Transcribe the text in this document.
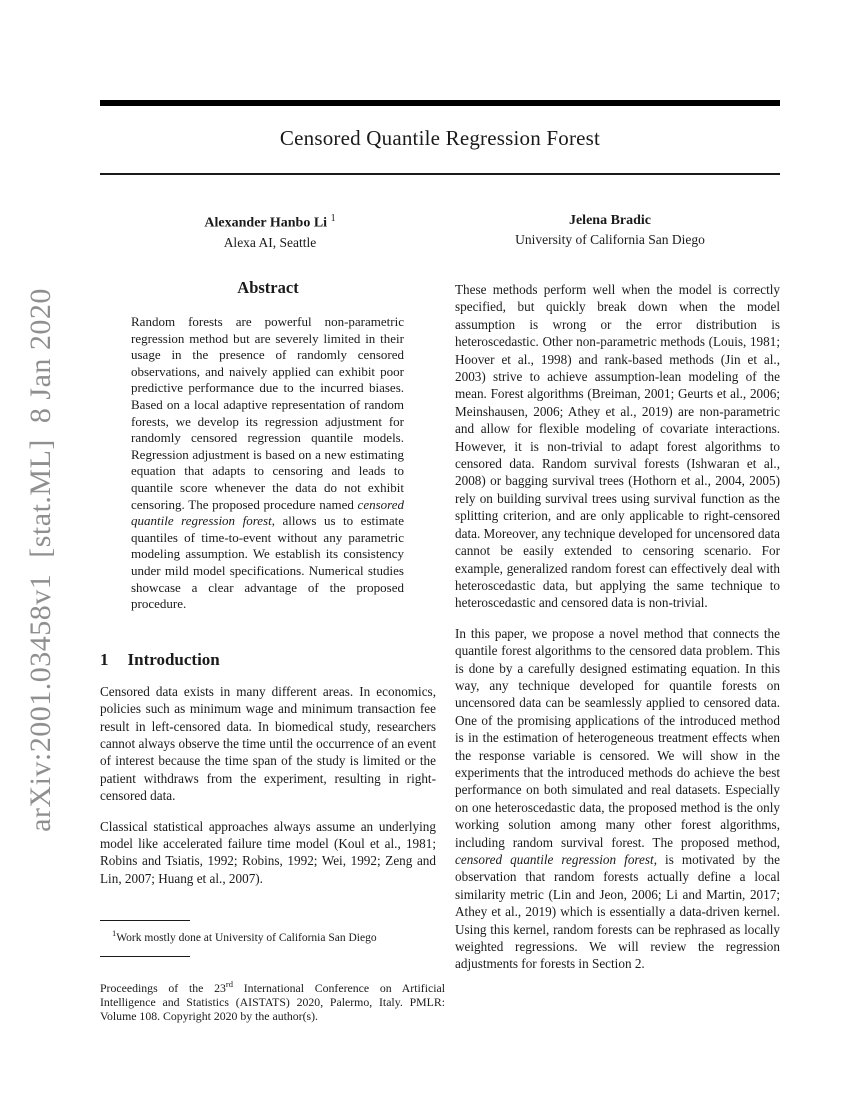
arXiv:2001.03458v1  [stat.ML]  8 Jan 2020
Censored Quantile Regression Forest
Alexander Hanbo Li $^1$
Alexa AI, Seattle
Jelena Bradic
University of California San Diego
Abstract
Random forests are powerful non-parametric regression method but are severely limited in their usage in the presence of randomly censored observations, and naively applied can exhibit poor predictive performance due to the incurred biases. Based on a local adaptive representation of random forests, we develop its regression adjustment for randomly censored regression quantile models. Regression adjustment is based on a new estimating equation that adapts to censoring and leads to quantile score whenever the data do not exhibit censoring. The proposed procedure named censored quantile regression forest, allows us to estimate quantiles of time-to-event without any parametric modeling assumption. We establish its consistency under mild model specifications. Numerical studies showcase a clear advantage of the proposed procedure.
1 Introduction
Censored data exists in many different areas. In economics, policies such as minimum wage and minimum transaction fee result in left-censored data. In biomedical study, researchers cannot always observe the time until the occurrence of an event of interest because the time span of the study is limited or the patient withdraws from the experiment, resulting in right-censored data.
Classical statistical approaches always assume an underlying model like accelerated failure time model (Koul et al., 1981; Robins and Tsiatis, 1992; Robins, 1992; Wei, 1992; Zeng and Lin, 2007; Huang et al., 2007).
These methods perform well when the model is correctly specified, but quickly break down when the model assumption is wrong or the error distribution is heteroscedastic. Other non-parametric methods (Louis, 1981; Hoover et al., 1998) and rank-based methods (Jin et al., 2003) strive to achieve assumption-lean modeling of the mean. Forest algorithms (Breiman, 2001; Geurts et al., 2006; Meinshausen, 2006; Athey et al., 2019) are non-parametric and allow for flexible modeling of covariate interactions. However, it is non-trivial to adapt forest algorithms to censored data. Random survival forests (Ishwaran et al., 2008) or bagging survival trees (Hothorn et al., 2004, 2005) rely on building survival trees using survival function as the splitting criterion, and are only applicable to right-censored data. Moreover, any technique developed for uncensored data cannot be easily extended to censoring scenario. For example, generalized random forest can effectively deal with heteroscedastic data, but applying the same technique to heteroscedastic and censored data is non-trivial.
In this paper, we propose a novel method that connects the quantile forest algorithms to the censored data problem. This is done by a carefully designed estimating equation. In this way, any technique developed for quantile forests on uncensored data can be seamlessly applied to censored data. One of the promising applications of the introduced method is in the estimation of heterogeneous treatment effects when the response variable is censored. We will show in the experiments that the introduced methods do achieve the best performance on both simulated and real datasets. Especially on one heteroscedastic data, the proposed method is the only working solution among many other forest algorithms, including random survival forest. The proposed method, censored quantile regression forest, is motivated by the observation that random forests actually define a local similarity metric (Lin and Jeon, 2006; Li and Martin, 2017; Athey et al., 2019) which is essentially a data-driven kernel. Using this kernel, random forests can be rephrased as locally weighted regressions. We will review the regression adjustments for forests in Section 2.
$^1$Work mostly done at University of California San Diego
Proceedings of the 23rd International Conference on Artificial Intelligence and Statistics (AISTATS) 2020, Palermo, Italy. PMLR: Volume 108. Copyright 2020 by the author(s).
